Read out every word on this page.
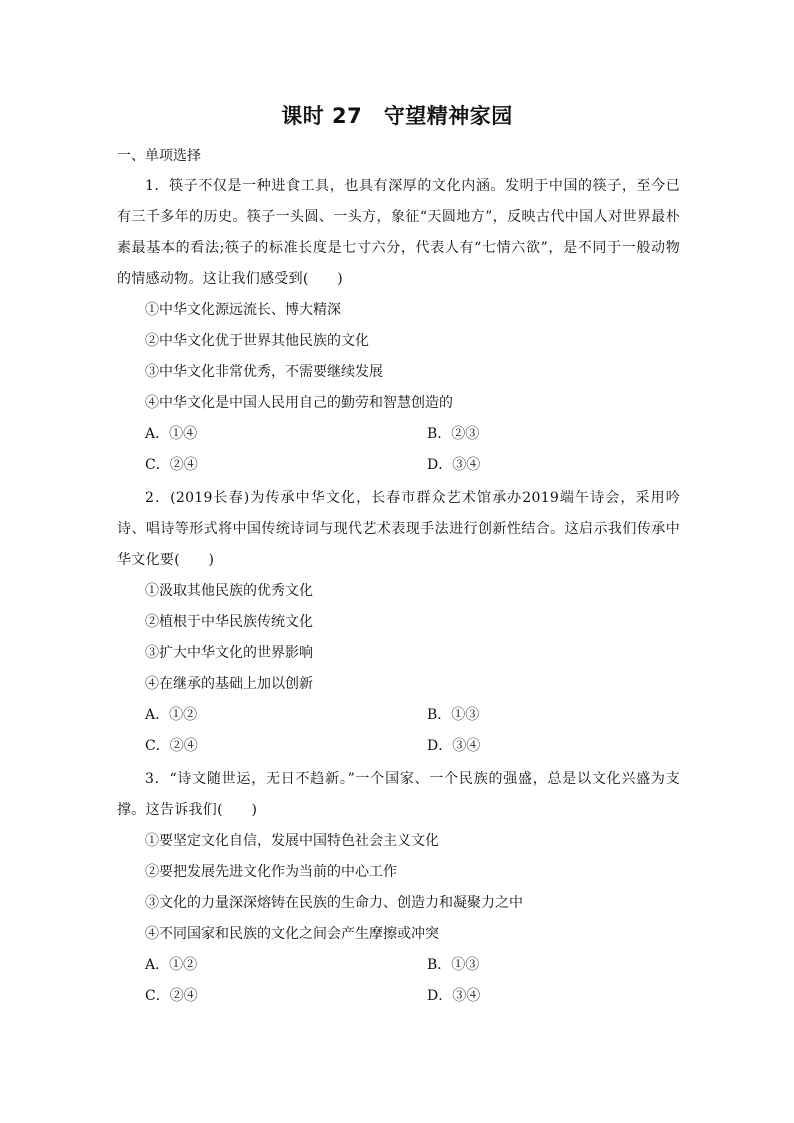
课时 27　守望精神家园
一、单项选择
1．筷子不仅是一种进食工具，也具有深厚的文化内涵。发明于中国的筷子，至今已有三千多年的历史。筷子一头圆、一头方，象征“天圆地方”，反映古代中国人对世界最朴素最基本的看法;筷子的标准长度是七寸六分，代表人有“七情六欲”，是不同于一般动物的情感动物。这让我们感受到(　　)
①中华文化源远流长、博大精深
②中华文化优于世界其他民族的文化
③中华文化非常优秀，不需要继续发展
④中华文化是中国人民用自己的勤劳和智慧创造的
A．①④	B．②③
C．②④	D．③④
2．(2019长春)为传承中华文化，长春市群众艺术馆承办2019端午诗会，采用吟诗、唱诗等形式将中国传统诗词与现代艺术表现手法进行创新性结合。这启示我们传承中华文化要(　　)
①汲取其他民族的优秀文化
②植根于中华民族传统文化
③扩大中华文化的世界影响
④在继承的基础上加以创新
A．①②	B．①③
C．②④	D．③④
3．“诗文随世运，无日不趋新。”一个国家、一个民族的强盛，总是以文化兴盛为支撑。这告诉我们(　　)
①要坚定文化自信，发展中国特色社会主义文化
②要把发展先进文化作为当前的中心工作
③文化的力量深深熔铸在民族的生命力、创造力和凝聚力之中
④不同国家和民族的文化之间会产生摩擦或冲突
A．①②	B．①③
C．②④	D．③④
